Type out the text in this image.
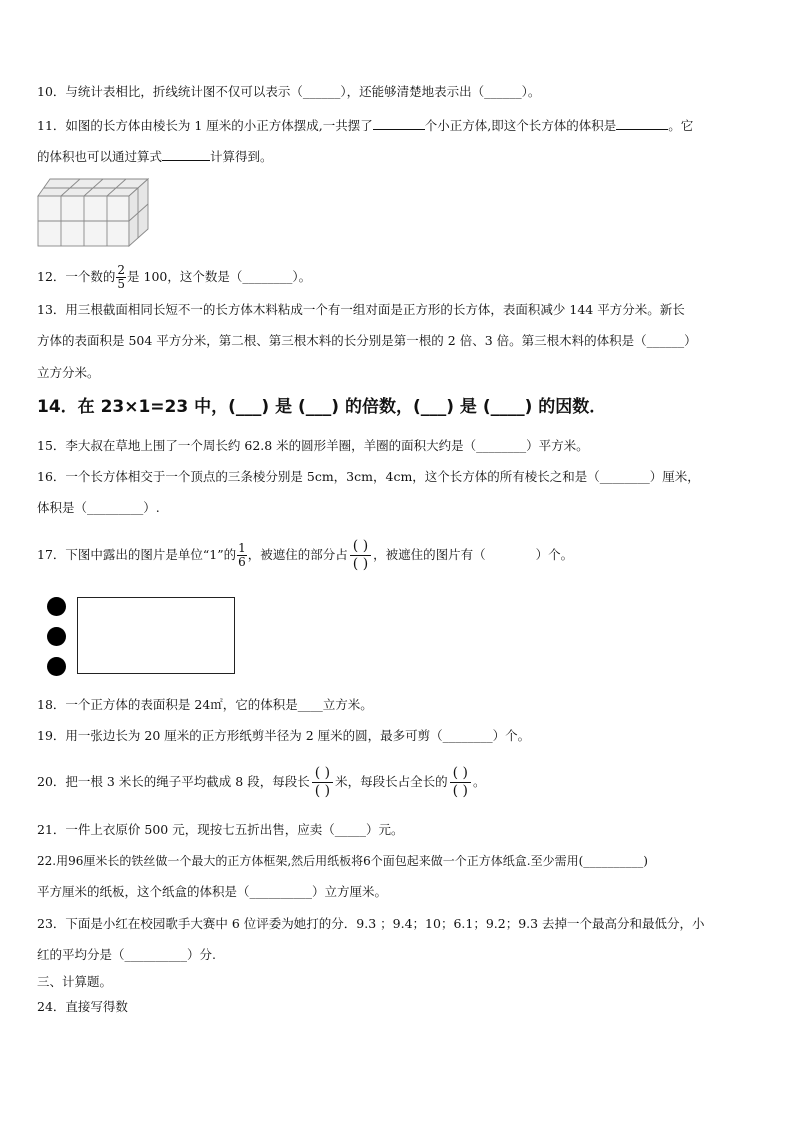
10．与统计表相比，折线统计图不仅可以表示（______），还能够清楚地表示出（______）。
11．如图的长方体由棱长为 1 厘米的小正方体摆成,一共摆了	个小正方体,即这个长方体的体积是	。它
的体积也可以通过算式	计算得到。
12．一个数的 $\frac{2}{5}$ 是 100，这个数是（________）。
13．用三根截面相同长短不一的长方体木料粘成一个有一组对面是正方形的长方体，表面积减少 144 平方分米。新长
方体的表面积是 504 平方分米，第二根、第三根木料的长分别是第一根的 2 倍、3 倍。第三根木料的体积是（______）
立方分米。
14．在 23×1=23 中，(___) 是 (___) 的倍数，(___) 是 (____) 的因数．
15．李大叔在草地上围了一个周长约 62.8 米的圆形羊圈，羊圈的面积大约是（________）平方米。
16．一个长方体相交于一个顶点的三条棱分别是 5cm，3cm，4cm，这个长方体的所有棱长之和是（________）厘米，
体积是（_________）.
17．下图中露出的图片是单位“1”的 $\frac{1}{6}$ ，被遮住的部分占
( )
( )
，被遮住的图片有（　　　　）个。
18．一个正方体的表面积是 24㎡，它的体积是____立方米。
19．用一张边长为 20 厘米的正方形纸剪半径为 2 厘米的圆，最多可剪（________）个。
20．把一根 3 米长的绳子平均截成 8 段，每段长
( )
( )
米，每段长占全长的
( )
( )
。
21．一件上衣原价 500 元，现按七五折出售，应卖（_____）元。
22.用96厘米长的铁丝做一个最大的正方体框架,然后用纸板将6个面包起来做一个正方体纸盒.至少需用(__________)
平方厘米的纸板，这个纸盒的体积是（__________）立方厘米。
23．下面是小红在校园歌手大赛中 6 位评委为她打的分．9.3 ；9.4；10；6.1；9.2；9.3 去掉一个最高分和最低分，小
红的平均分是（__________）分.
三、计算题。
24．直接写得数
